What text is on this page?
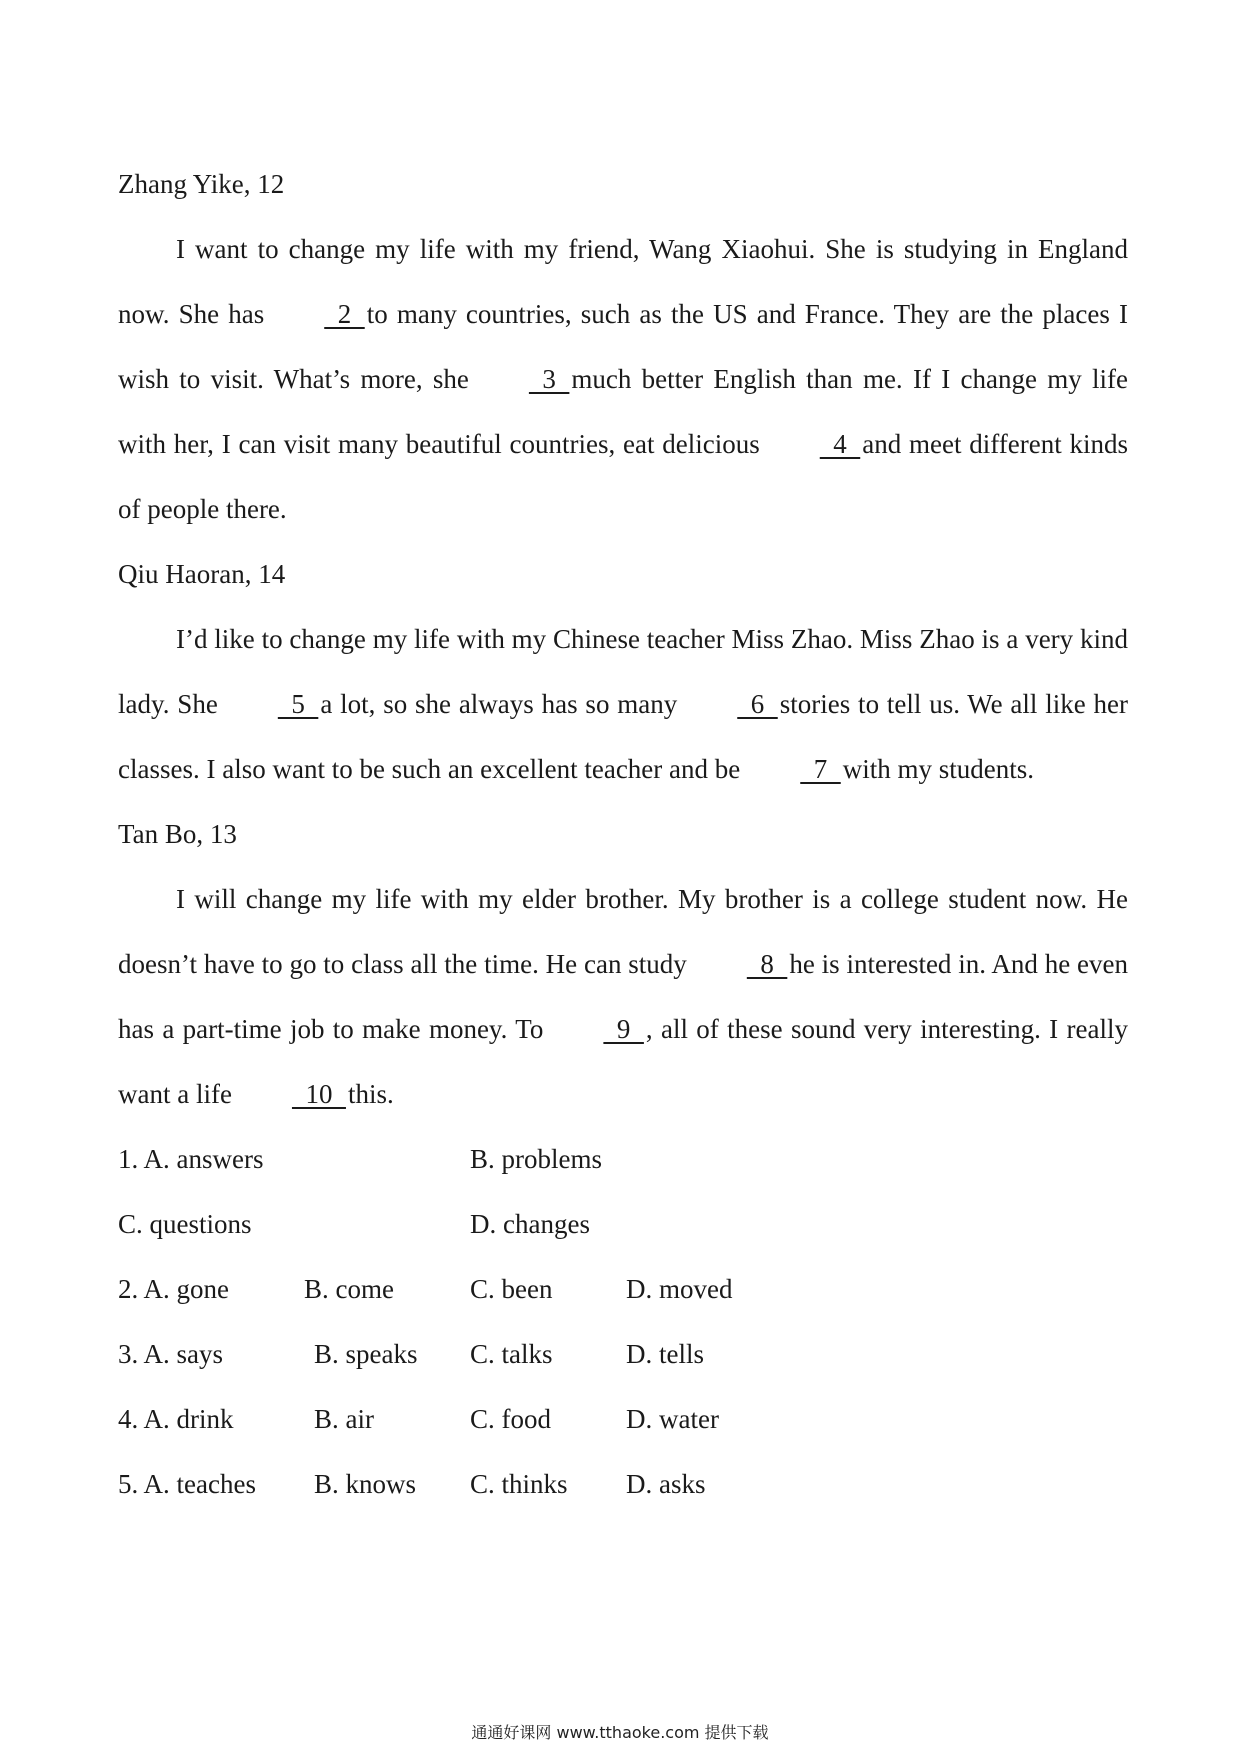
Zhang Yike, 12

I want to change my life with my friend, Wang Xiaohui. She is studying in England now. She has  2  to many countries, such as the US and France. They are the places I wish to visit. What’s more, she  3  much better English than me. If I change my life with her, I can visit many beautiful countries, eat delicious  4  and meet different kinds of people there.

Qiu Haoran, 14

I’d like to change my life with my Chinese teacher Miss Zhao. Miss Zhao is a very kind lady. She  5  a lot, so she always has so many  6  stories to tell us. We all like her classes. I also want to be such an excellent teacher and be  7  with my students.

Tan Bo, 13

I will change my life with my elder brother. My brother is a college student now. He doesn’t have to go to class all the time. He can study  8  he is interested in. And he even has a part-time job to make money. To  9  , all of these sound very interesting. I really want a life  10  this.

1. A. answers	B. problems
C. questions	D. changes
2. A. gone	B. come	C. been	D. moved
3. A. says	B. speaks C. talks	D. tells
4. A. drink	B. air	C. food	D. water
5. A. teaches B. knows C. thinks D. asks
通通好课网 www.tthaoke.com 提供下载
